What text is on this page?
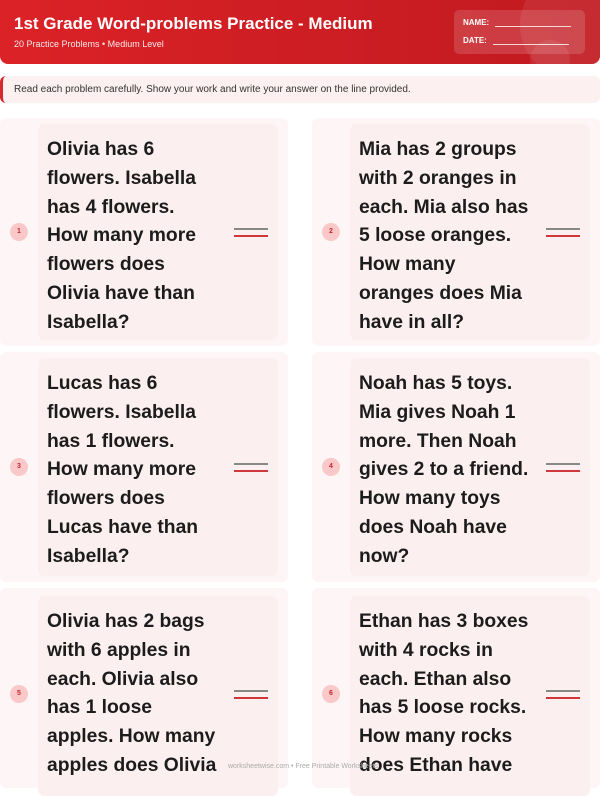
1st Grade Word-problems Practice - Medium
20 Practice Problems • Medium Level
NAME:
DATE:
Read each problem carefully. Show your work and write your answer on the line provided.
1
Olivia has 6
flowers. Isabella
has 4 flowers.
How many more
flowers does
Olivia have than
Isabella?
2
Mia has 2 groups
with 2 oranges in
each. Mia also has
5 loose oranges.
How many
oranges does Mia
have in all?
3
Lucas has 6
flowers. Isabella
has 1 flowers.
How many more
flowers does
Lucas have than
Isabella?
4
Noah has 5 toys.
Mia gives Noah 1
more. Then Noah
gives 2 to a friend.
How many toys
does Noah have
now?
5
Olivia has 2 bags
with 6 apples in
each. Olivia also
has 1 loose
apples. How many
apples does Olivia
6
Ethan has 3 boxes
with 4 rocks in
each. Ethan also
has 5 loose rocks.
How many rocks
does Ethan have
worksheetwise.com • Free Printable Worksheets
